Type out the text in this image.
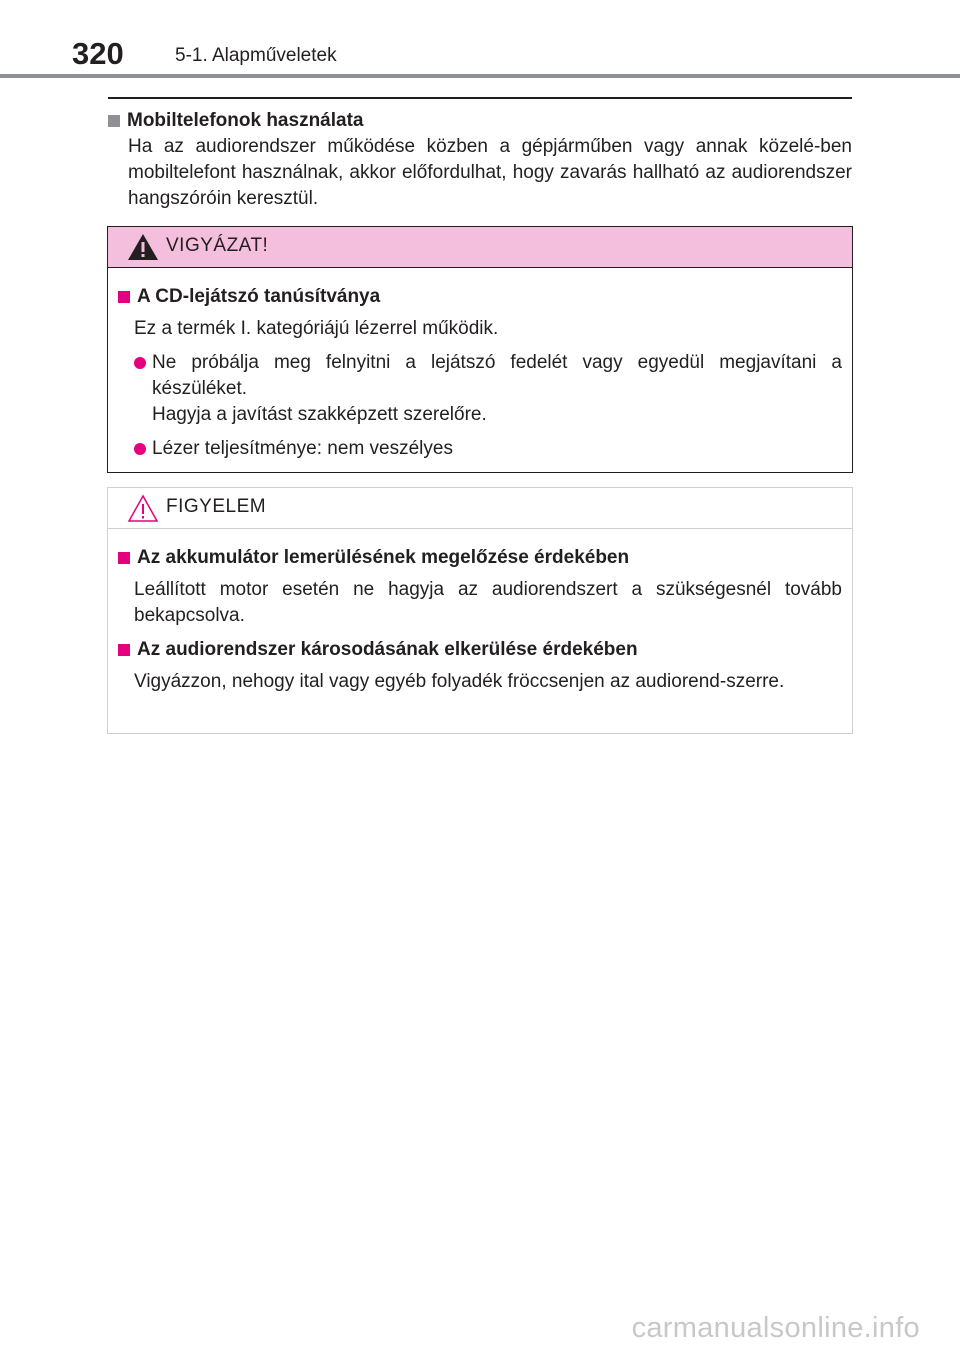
320	5-1. Alapműveletek
Mobiltelefonok használata
Ha az audiorendszer működése közben a gépjárműben vagy annak közelé-ben mobiltelefont használnak, akkor előfordulhat, hogy zavarás hallható az audiorendszer hangszóróin keresztül.
VIGYÁZAT!
A CD-lejátszó tanúsítványa
Ez a termék I. kategóriájú lézerrel működik.
Ne próbálja meg felnyitni a lejátszó fedelét vagy egyedül megjavítani a készüléket.
Hagyja a javítást szakképzett szerelőre.
Lézer teljesítménye: nem veszélyes
FIGYELEM
Az akkumulátor lemerülésének megelőzése érdekében
Leállított motor esetén ne hagyja az audiorendszert a szükségesnél tovább bekapcsolva.
Az audiorendszer károsodásának elkerülése érdekében
Vigyázzon, nehogy ital vagy egyéb folyadék fröccsenjen az audiorend-szerre.
carmanualsonline.info
